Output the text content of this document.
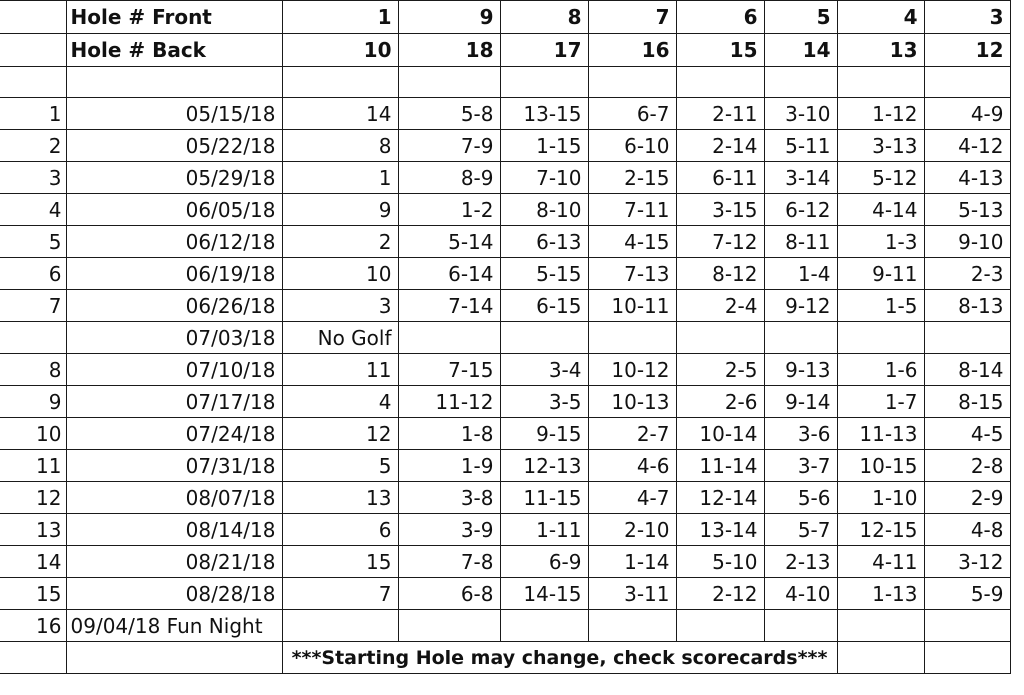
	Hole # Front	1	9	8	7	6	5	4	3
	Hole # Back	10	18	17	16	15	14	13	12

1	05/15/18	14	5-8	13-15	6-7	2-11	3-10	1-12	4-9
2	05/22/18	8	7-9	1-15	6-10	2-14	5-11	3-13	4-12
3	05/29/18	1	8-9	7-10	2-15	6-11	3-14	5-12	4-13
4	06/05/18	9	1-2	8-10	7-11	3-15	6-12	4-14	5-13
5	06/12/18	2	5-14	6-13	4-15	7-12	8-11	1-3	9-10
6	06/19/18	10	6-14	5-15	7-13	8-12	1-4	9-11	2-3
7	06/26/18	3	7-14	6-15	10-11	2-4	9-12	1-5	8-13
	07/03/18	No Golf							
8	07/10/18	11	7-15	3-4	10-12	2-5	9-13	1-6	8-14
9	07/17/18	4	11-12	3-5	10-13	2-6	9-14	1-7	8-15
10	07/24/18	12	1-8	9-15	2-7	10-14	3-6	11-13	4-5
11	07/31/18	5	1-9	12-13	4-6	11-14	3-7	10-15	2-8
12	08/07/18	13	3-8	11-15	4-7	12-14	5-6	1-10	2-9
13	08/14/18	6	3-9	1-11	2-10	13-14	5-7	12-15	4-8
14	08/21/18	15	7-8	6-9	1-14	5-10	2-13	4-11	3-12
15	08/28/18	7	6-8	14-15	3-11	2-12	4-10	1-13	5-9
16	09/04/18 Fun Night								
		***Starting Hole may change, check scorecards***							
